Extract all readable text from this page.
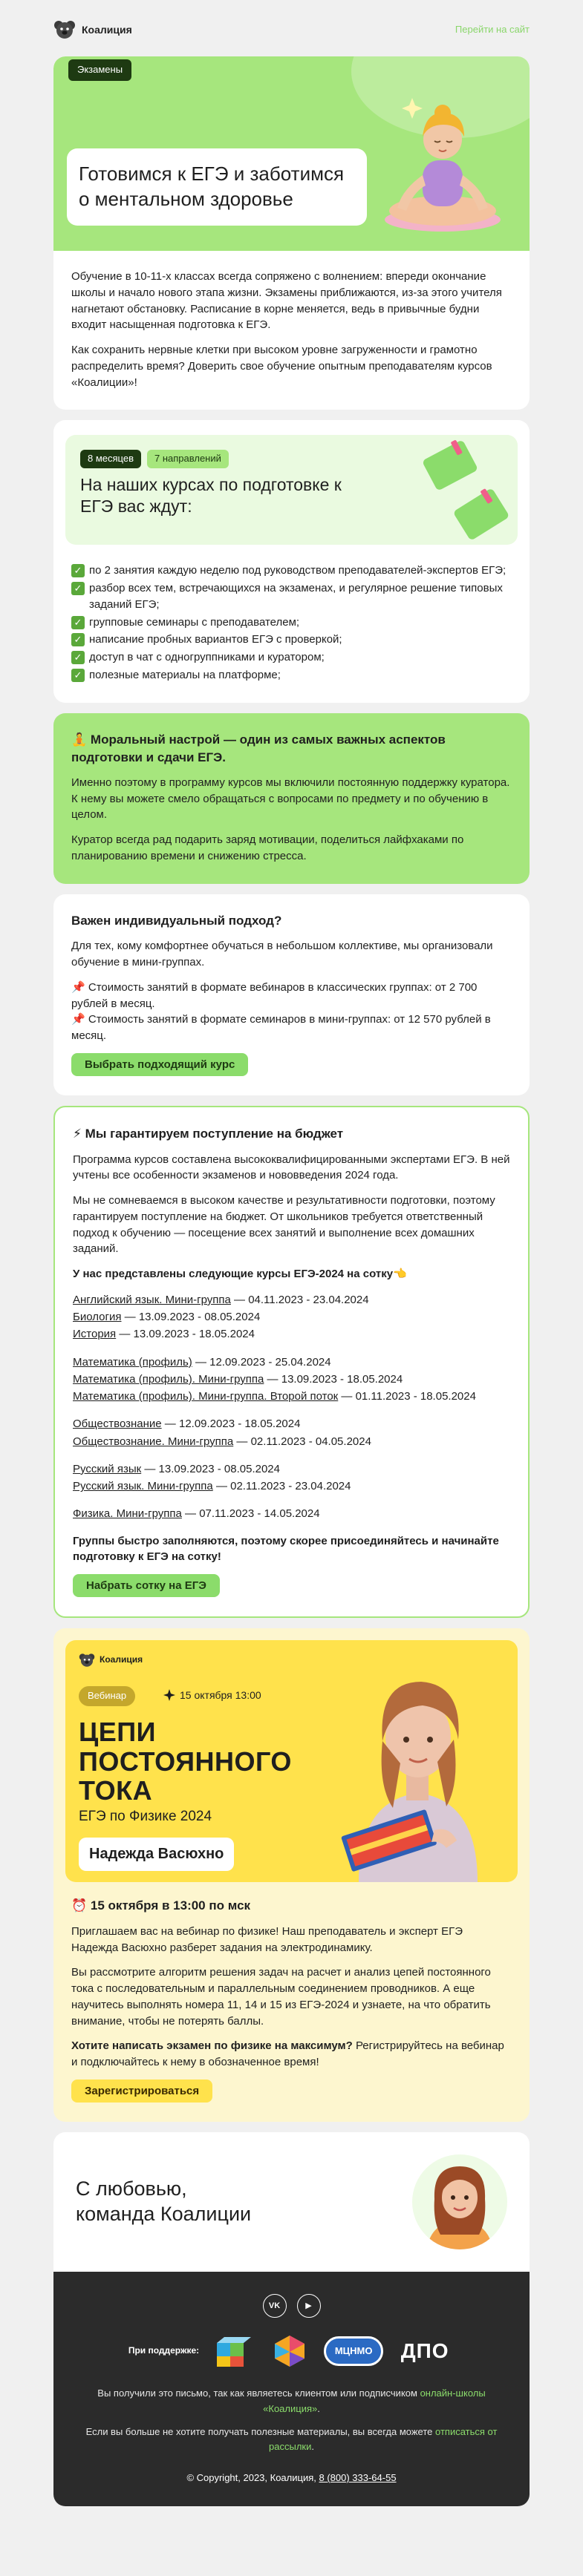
Коалиция	Перейти на сайт
Экзамены
Готовимся к ЕГЭ и заботимся о ментальном здоровье

Обучение в 10-11-х классах всегда сопряжено с волнением: впереди окончание школы и начало нового этапа жизни. Экзамены приближаются, из-за этого учителя нагнетают обстановку. Расписание в корне меняется, ведь в привычные будни входит насыщенная подготовка к ЕГЭ.

Как сохранить нервные клетки при высоком уровне загруженности и грамотно распределить время? Доверить свое обучение опытным преподавателям курсов «Коалиции»!

8 месяцев	7 направлений
На наших курсах по подготовке к ЕГЭ вас ждут:
✓ по 2 занятия каждую неделю под руководством преподавателей-экспертов ЕГЭ;
✓ разбор всех тем, встречающихся на экзаменах, и регулярное решение типовых заданий ЕГЭ;
✓ групповые семинары с преподавателем;
✓ написание пробных вариантов ЕГЭ с проверкой;
✓ доступ в чат с одногруппниками и куратором;
✓ полезные материалы на платформе;
🧘 Моральный настрой — один из самых важных аспектов подготовки и сдачи ЕГЭ.

Именно поэтому в программу курсов мы включили постоянную поддержку куратора. К нему вы можете смело обращаться с вопросами по предмету и по обучению в целом.

Куратор всегда рад подарить заряд мотивации, поделиться лайфхаками по планированию времени и снижению стресса.

Важен индивидуальный подход?

Для тех, кому комфортнее обучаться в небольшом коллективе, мы организовали обучение в мини-группах.

📌 Стоимость занятий в формате вебинаров в классических группах: от 2 700 рублей в месяц.

📌 Стоимость занятий в формате семинаров в мини-группах: от 12 570 рублей в месяц.

Выбрать подходящий курс
⚡ Мы гарантируем поступление на бюджет

Программа курсов составлена высококвалифицированными экспертами ЕГЭ. В ней учтены все особенности экзаменов и нововведения 2024 года.

Мы не сомневаемся в высоком качестве и результативности подготовки, поэтому гарантируем поступление на бюджет. От школьников требуется ответственный подход к обучению — посещение всех занятий и выполнение всех домашних заданий.

У нас представлены следующие курсы ЕГЭ-2024 на сотку👈

Английский язык. Мини-группа — 04.11.2023 - 23.04.2024
Биология — 13.09.2023 - 08.05.2024
История — 13.09.2023 - 18.05.2024
Математика (профиль) — 12.09.2023 - 25.04.2024
Математика (профиль). Мини-группа — 13.09.2023 - 18.05.2024
Математика (профиль). Мини-группа. Второй поток — 01.11.2023 - 18.05.2024
Обществознание — 12.09.2023 - 18.05.2024
Обществознание. Мини-группа — 02.11.2023 - 04.05.2024
Русский язык — 13.09.2023 - 08.05.2024
Русский язык. Мини-группа — 02.11.2023 - 23.04.2024
Физика. Мини-группа — 07.11.2023 - 14.05.2024

Группы быстро заполняются, поэтому скорее присоединяйтесь и начинайте подготовку к ЕГЭ на сотку!

Набрать сотку на ЕГЭ
Коалиция
Вебинар	15 октября 13:00
ЦЕПИ
ПОСТОЯННОГО
ТОКА
ЕГЭ по Физике 2024
Надежда Васюхно
⏰ 15 октября в 13:00 по мск

Приглашаем вас на вебинар по физике! Наш преподаватель и эксперт ЕГЭ Надежда Васюхно разберет задания на электродинамику.

Вы рассмотрите алгоритм решения задач на расчет и анализ цепей постоянного тока с последовательным и параллельным соединением проводников. А еще научитесь выполнять номера 11, 14 и 15 из ЕГЭ-2024 и узнаете, на что обратить внимание, чтобы не потерять баллы.

Хотите написать экзамен по физике на максимум? Регистрируйтесь на вебинар и подключайтесь к нему в обозначенное время!

Зарегистрироваться
С любовью,
команда Коалиции
VK	▶
При поддержке:	МЦНМО	ДПО

Вы получили это письмо, так как являетесь клиентом или подписчиком онлайн-школы «Коалиция».

Если вы больше не хотите получать полезные материалы, вы всегда можете отписаться от рассылки.

© Copyright, 2023, Коалиция, 8 (800) 333-64-55
